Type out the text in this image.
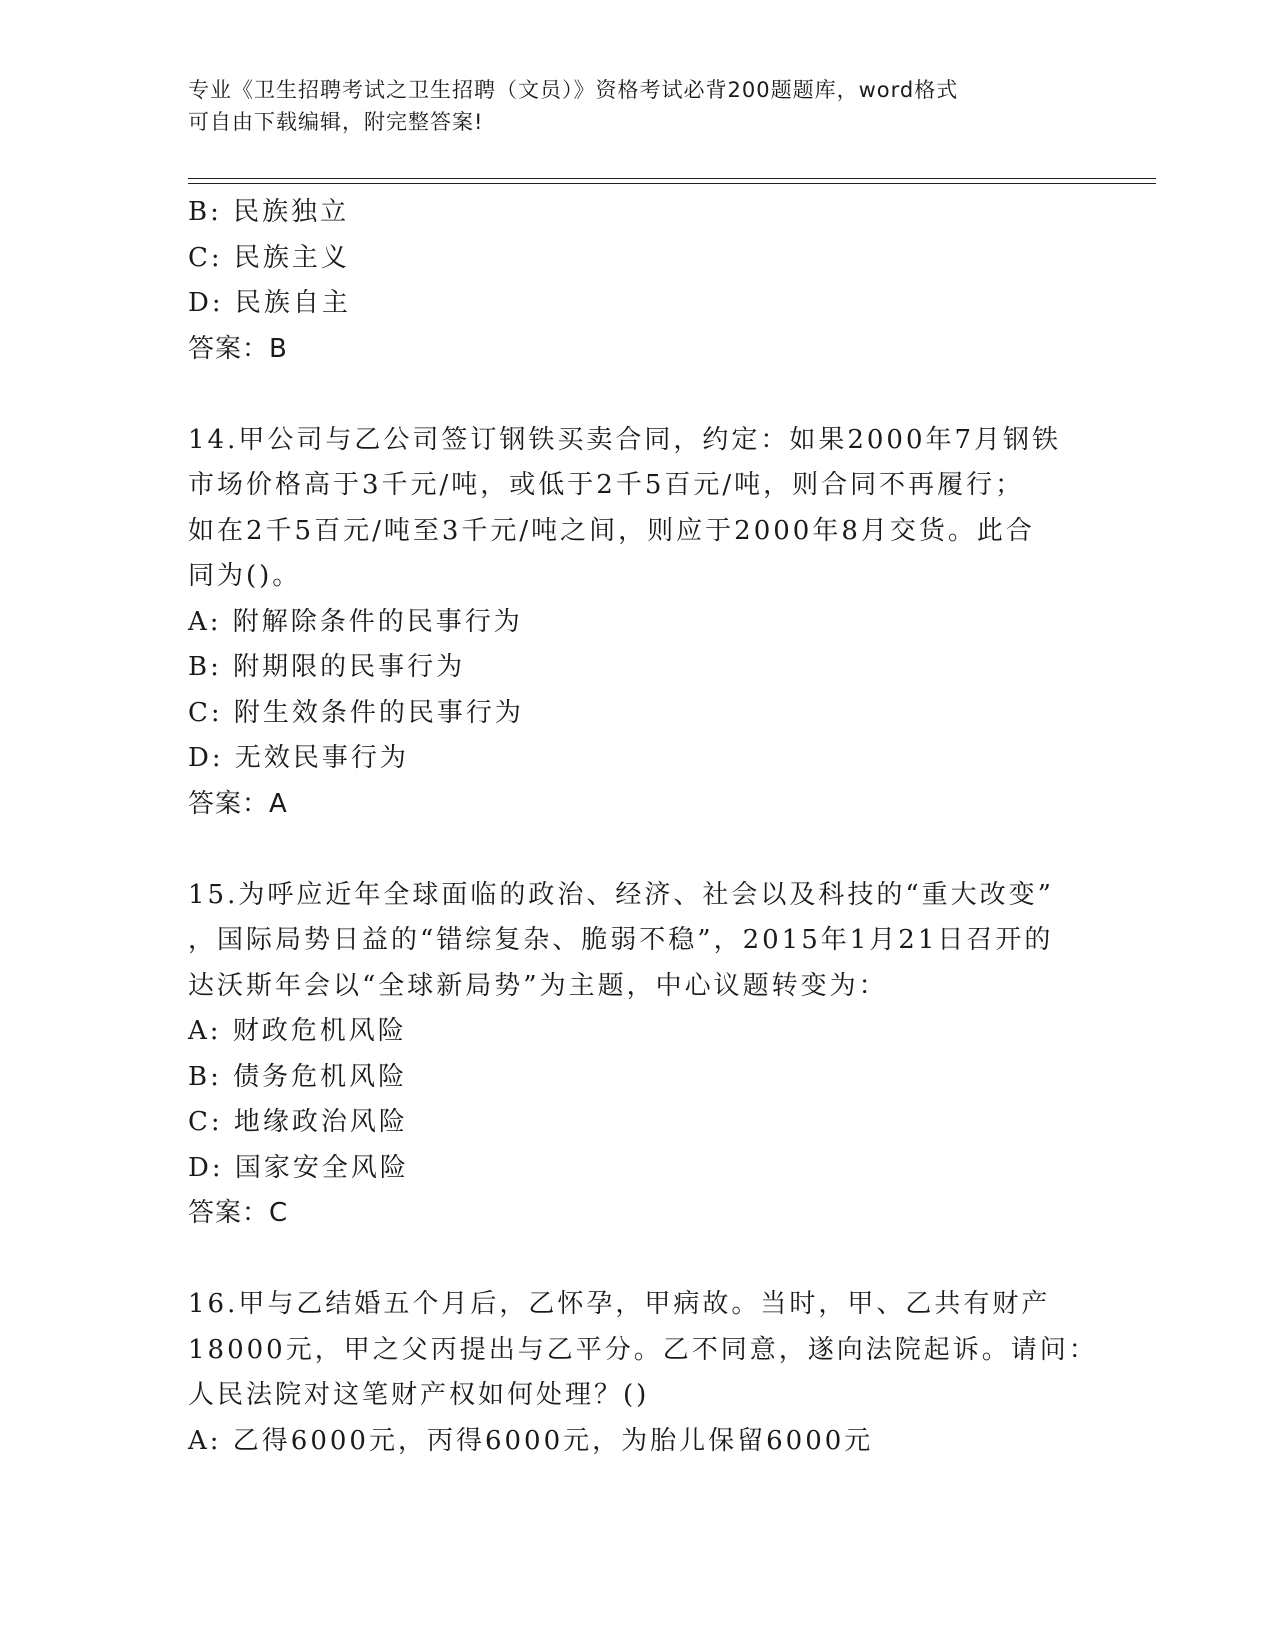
专业《卫生招聘考试之卫生招聘（文员）》资格考试必背200题题库，word格式
可自由下载编辑，附完整答案!
B: 民族独立
C: 民族主义
D: 民族自主
答案：B
14.甲公司与乙公司签订钢铁买卖合同，约定：如果2000年7月钢铁
市场价格高于3千元/吨，或低于2千5百元/吨，则合同不再履行；
如在2千5百元/吨至3千元/吨之间，则应于2000年8月交货。此合
同为()。
A: 附解除条件的民事行为
B: 附期限的民事行为
C: 附生效条件的民事行为
D: 无效民事行为
答案：A
15.为呼应近年全球面临的政治、经济、社会以及科技的“重大改变”
，国际局势日益的“错综复杂、脆弱不稳”，2015年1月21日召开的
达沃斯年会以“全球新局势”为主题，中心议题转变为：
A: 财政危机风险
B: 债务危机风险
C: 地缘政治风险
D: 国家安全风险
答案：C
16.甲与乙结婚五个月后，乙怀孕，甲病故。当时，甲、乙共有财产
18000元，甲之父丙提出与乙平分。乙不同意，遂向法院起诉。请问：
人民法院对这笔财产权如何处理？()
A: 乙得6000元，丙得6000元，为胎儿保留6000元
